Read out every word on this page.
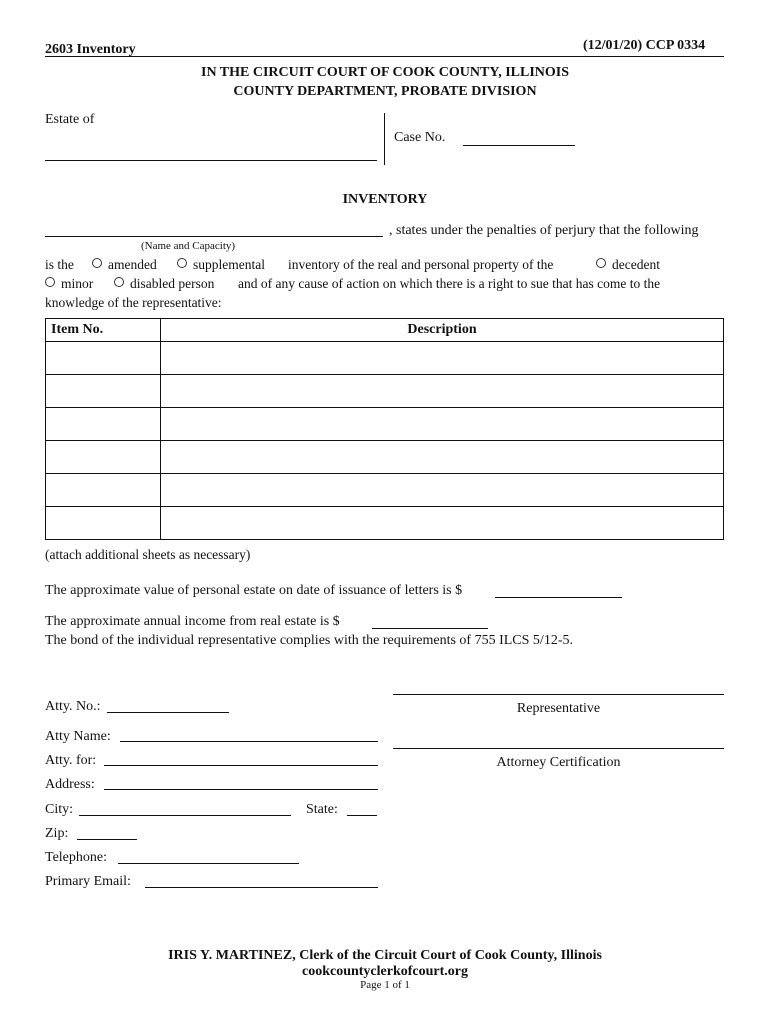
2603 Inventory	(12/01/20) CCP 0334
IN THE CIRCUIT COURT OF COOK COUNTY, ILLINOIS
COUNTY DEPARTMENT, PROBATE DIVISION
Estate of
Case No.
INVENTORY
, states under the penalties of perjury that the following
(Name and Capacity)
is the	amended	supplemental inventory of the real and personal property of the	decedent
minor	disabled person and of any cause of action on which there is a right to sue that has come to the
knowledge of the representative:
Item No.	Description

(attach additional sheets as necessary)
The approximate value of personal estate on date of issuance of letters is $
The approximate annual income from real estate is $
The bond of the individual representative complies with the requirements of 755 ILCS 5/12-5.
Representative
Attorney Certification
Atty. No.:
Atty Name:
Atty. for:
Address:
City:	State:
Zip:
Telephone:
Primary Email:
IRIS Y. MARTINEZ, Clerk of the Circuit Court of Cook County, Illinois
cookcountyclerkofcourt.org
Page 1 of 1
